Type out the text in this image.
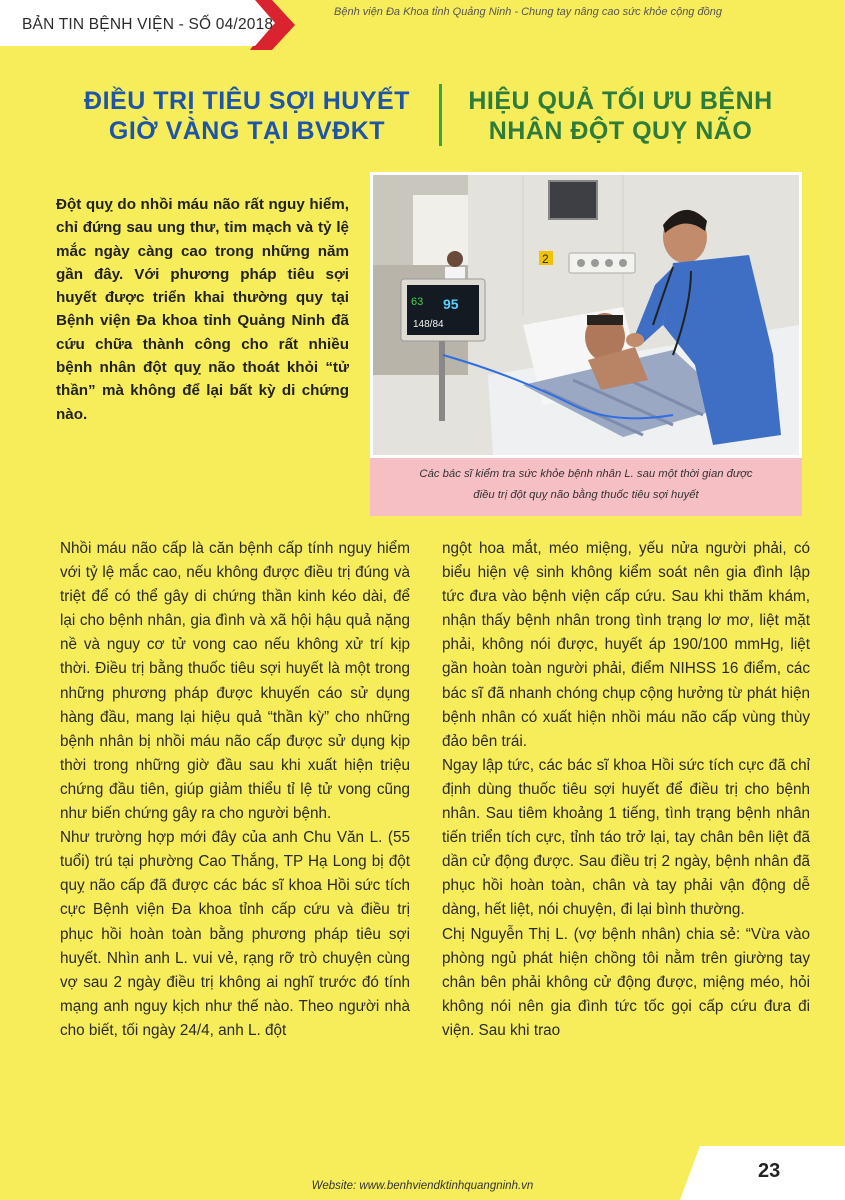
BẢN TIN BỆNH VIỆN - SỐ 04/2018
Bệnh viện Đa Khoa tỉnh Quảng Ninh - Chung tay nâng cao sức khỏe cộng đồng
ĐIỀU TRỊ TIÊU SỢI HUYẾT
GIỜ VÀNG TẠI BVĐKT
HIỆU QUẢ TỐI ƯU BỆNH
NHÂN ĐỘT QUỴ NÃO

Đột quỵ do nhồi máu não rất nguy hiểm, chỉ đứng sau ung thư, tim mạch và tỷ lệ mắc ngày càng cao trong những năm gần đây. Với phương pháp tiêu sợi huyết được triển khai thường quy tại Bệnh viện Đa khoa tỉnh Quảng Ninh đã cứu chữa thành công cho rất nhiều bệnh nhân đột quỵ não thoát khỏi “tử thần” mà không để lại bất kỳ di chứng nào.

2
63 95
148/84
Các bác sĩ kiểm tra sức khỏe bệnh nhân L. sau một thời gian được
điều trị đột quỵ não bằng thuốc tiêu sợi huyết

Nhồi máu não cấp là căn bệnh cấp tính nguy hiểm với tỷ lệ mắc cao, nếu không được điều trị đúng và triệt để có thể gây di chứng thần kinh kéo dài, để lại cho bệnh nhân, gia đình và xã hội hậu quả nặng nề và nguy cơ tử vong cao nếu không xử trí kịp thời. Điều trị bằng thuốc tiêu sợi huyết là một trong những phương pháp được khuyến cáo sử dụng hàng đầu, mang lại hiệu quả “thần kỳ” cho những bệnh nhân bị nhồi máu não cấp được sử dụng kịp thời trong những giờ đầu sau khi xuất hiện triệu chứng đầu tiên, giúp giảm thiểu tỉ lệ tử vong cũng như biến chứng gây ra cho người bệnh.

Như trường hợp mới đây của anh Chu Văn L. (55 tuổi) trú tại phường Cao Thắng, TP Hạ Long bị đột quỵ não cấp đã được các bác sĩ khoa Hồi sức tích cực Bệnh viện Đa khoa tỉnh cấp cứu và điều trị phục hồi hoàn toàn bằng phương pháp tiêu sợi huyết. Nhìn anh L. vui vẻ, rạng rỡ trò chuyện cùng vợ sau 2 ngày điều trị không ai nghĩ trước đó tính mạng anh nguy kịch như thế nào. Theo người nhà cho biết, tối ngày 24/4, anh L. đột

ngột hoa mắt, méo miệng, yếu nửa người phải, có biểu hiện vệ sinh không kiểm soát nên gia đình lập tức đưa vào bệnh viện cấp cứu. Sau khi thăm khám, nhận thấy bệnh nhân trong tình trạng lơ mơ, liệt mặt phải, không nói được, huyết áp 190/100 mmHg, liệt gần hoàn toàn người phải, điểm NIHSS 16 điểm, các bác sĩ đã nhanh chóng chụp cộng hưởng từ phát hiện bệnh nhân có xuất hiện nhồi máu não cấp vùng thùy đảo bên trái.

Ngay lập tức, các bác sĩ khoa Hồi sức tích cực đã chỉ định dùng thuốc tiêu sợi huyết để điều trị cho bệnh nhân. Sau tiêm khoảng 1 tiếng, tình trạng bệnh nhân tiến triển tích cực, tỉnh táo trở lại, tay chân bên liệt đã dần cử động được. Sau điều trị 2 ngày, bệnh nhân đã phục hồi hoàn toàn, chân và tay phải vận động dễ dàng, hết liệt, nói chuyện, đi lại bình thường.

Chị Nguyễn Thị L. (vợ bệnh nhân) chia sẻ: “Vừa vào phòng ngủ phát hiện chồng tôi nằm trên giường tay chân bên phải không cử động được, miệng méo, hỏi không nói nên gia đình tức tốc gọi cấp cứu đưa đi viện. Sau khi trao

23
Website: www.benhviendktinhquangninh.vn
